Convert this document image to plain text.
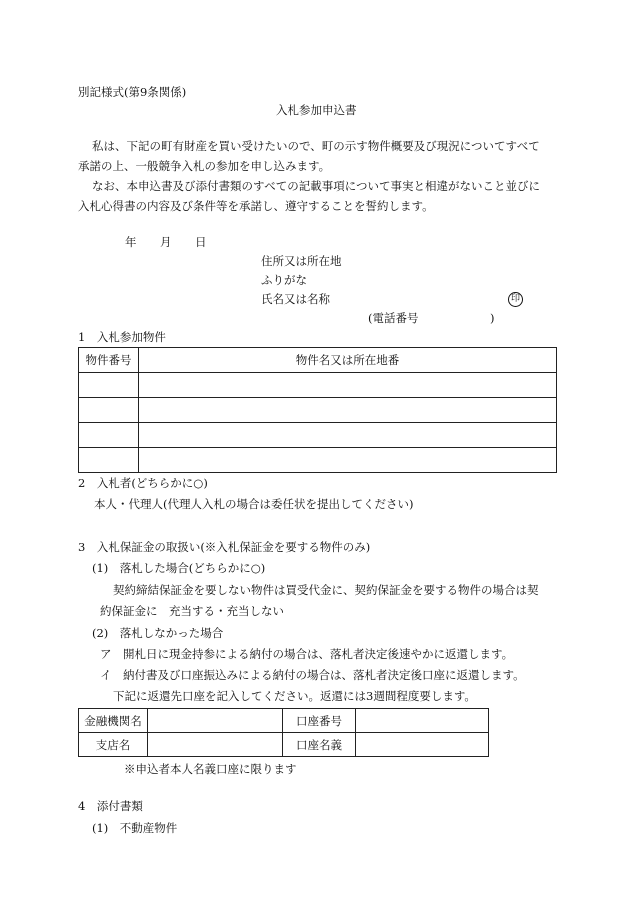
別記様式(第9条関係)
入札参加申込書
私は、下記の町有財産を買い受けたいので、町の示す物件概要及び現況についてすべて
承諾の上、一般競争入札の参加を申し込みます。
なお、本申込書及び添付書類のすべての記載事項について事実と相違がないこと並びに
入札心得書の内容及び条件等を承諾し、遵守することを誓約します。
年 月 日
住所又は所在地
ふりがな
氏名又は名称	印
(電話番号	)
1　入札参加物件
物件番号	物件名又は所在地番

2　入札者(どちらかに○)
本人・代理人(代理人入札の場合は委任状を提出してください)
3　入札保証金の取扱い(※入札保証金を要する物件のみ)
(1)　落札した場合(どちらかに○)
契約締結保証金を要しない物件は買受代金に、契約保証金を要する物件の場合は契
約保証金に　充当する・充当しない
(2)　落札しなかった場合
ア　開札日に現金持参による納付の場合は、落札者決定後速やかに返還します。
イ　納付書及び口座振込みによる納付の場合は、落札者決定後口座に返還します。
下記に返還先口座を記入してください。返還には3週間程度要します。
金融機関名		口座番号	
支店名		口座名義	
※申込者本人名義口座に限ります
4　添付書類
(1)　不動産物件
